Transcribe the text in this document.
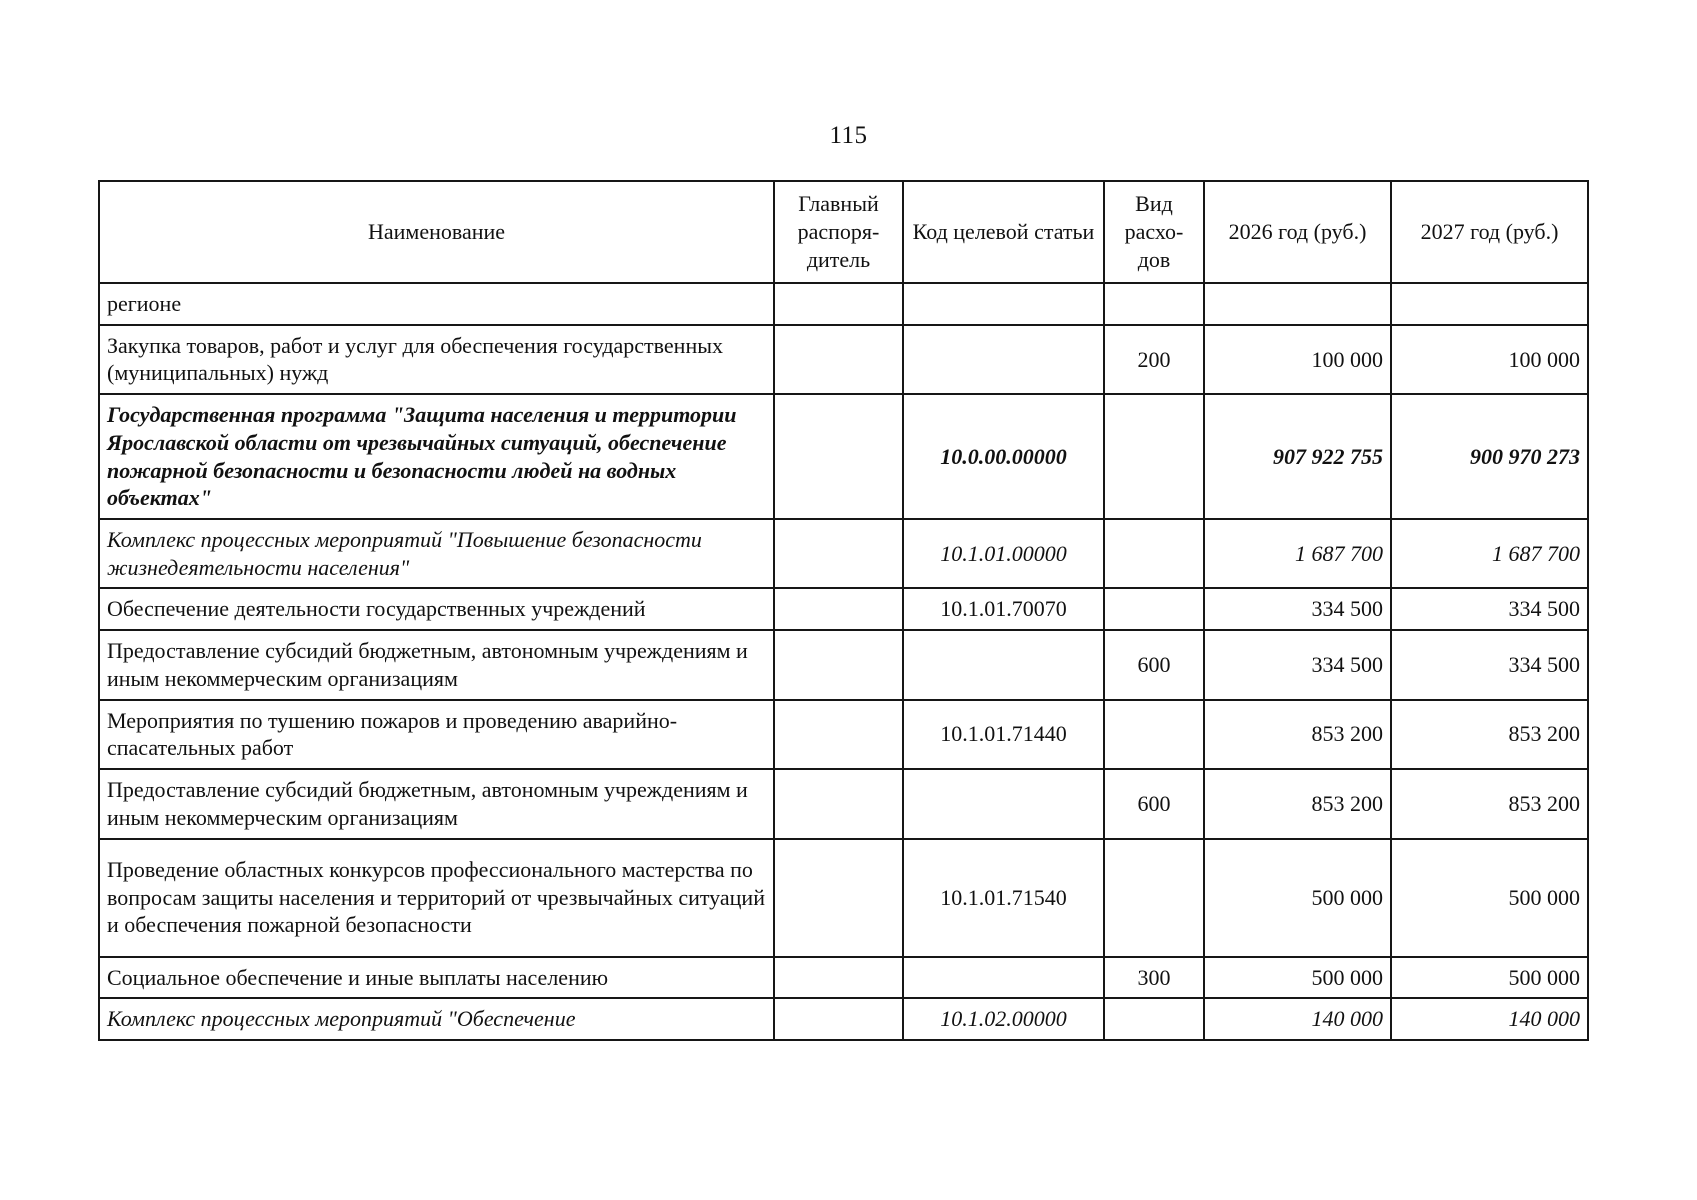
115
Наименование	Главный распоря-дитель	Код целевой статьи	Вид расхо-дов	2026 год (руб.)	2027 год (руб.)
регионе					
Закупка товаров, работ и услуг для обеспечения государственных (муниципальных) нужд			200	100 000	100 000
Государственная программа "Защита населения и территории Ярославской области от чрезвычайных ситуаций, обеспечение пожарной безопасности и безопасности людей на водных объектах"		10.0.00.00000		907 922 755	900 970 273
Комплекс процессных мероприятий "Повышение безопасности жизнедеятельности населения"		10.1.01.00000		1 687 700	1 687 700
Обеспечение деятельности государственных учреждений		10.1.01.70070		334 500	334 500
Предоставление субсидий бюджетным, автономным учреждениям и иным некоммерческим организациям			600	334 500	334 500
Мероприятия по тушению пожаров и проведению аварийно-спасательных работ		10.1.01.71440		853 200	853 200
Предоставление субсидий бюджетным, автономным учреждениям и иным некоммерческим организациям			600	853 200	853 200
Проведение областных конкурсов профессионального мастерства по вопросам защиты населения и территорий от чрезвычайных ситуаций и обеспечения пожарной безопасности		10.1.01.71540		500 000	500 000
Социальное обеспечение и иные выплаты населению			300	500 000	500 000
Комплекс процессных мероприятий "Обеспечение		10.1.02.00000		140 000	140 000
